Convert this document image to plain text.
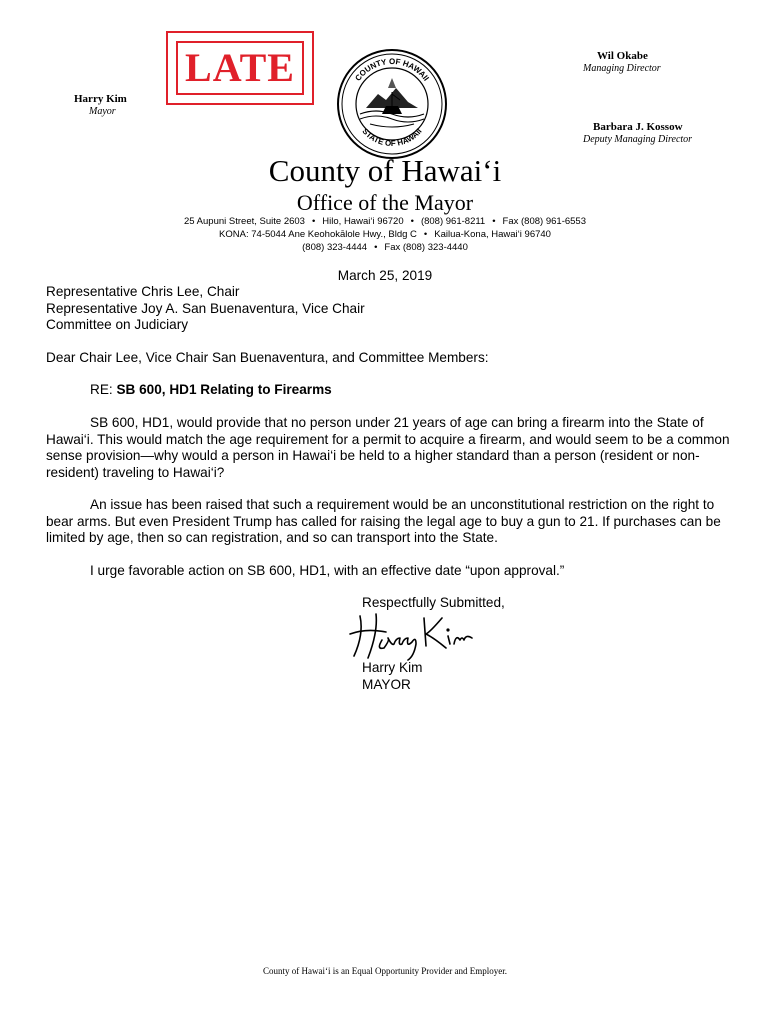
LATE
Harry Kim
Mayor
Wil Okabe
Managing Director
Barbara J. Kossow
Deputy Managing Director
COUNTY OF HAWAII
STATE OF HAWAII
County of Hawai‘i
Office of the Mayor
25 Aupuni Street, Suite 2603 • Hilo, Hawai‘i 96720 • (808) 961-8211 • Fax (808) 961-6553
KONA: 74-5044 Ane Keohokālole Hwy., Bldg C • Kailua-Kona, Hawai‘i 96740
(808) 323-4444 • Fax (808) 323-4440
March 25, 2019
Representative Chris Lee, Chair
Representative Joy A. San Buenaventura, Vice Chair
Committee on Judiciary
Dear Chair Lee, Vice Chair San Buenaventura, and Committee Members:
RE: SB 600, HD1 Relating to Firearms
SB 600, HD1, would provide that no person under 21 years of age can bring a firearm into the State of Hawai‘i. This would match the age requirement for a permit to acquire a firearm, and would seem to be a common sense provision—why would a person in Hawai‘i be held to a higher standard than a person (resident or non-resident) traveling to Hawai‘i?
An issue has been raised that such a requirement would be an unconstitutional restriction on the right to bear arms. But even President Trump has called for raising the legal age to buy a gun to 21. If purchases can be limited by age, then so can registration, and so can transport into the State.
I urge favorable action on SB 600, HD1, with an effective date “upon approval.”
Respectfully Submitted,
Harry Kim
MAYOR
County of Hawai‘i is an Equal Opportunity Provider and Employer.
